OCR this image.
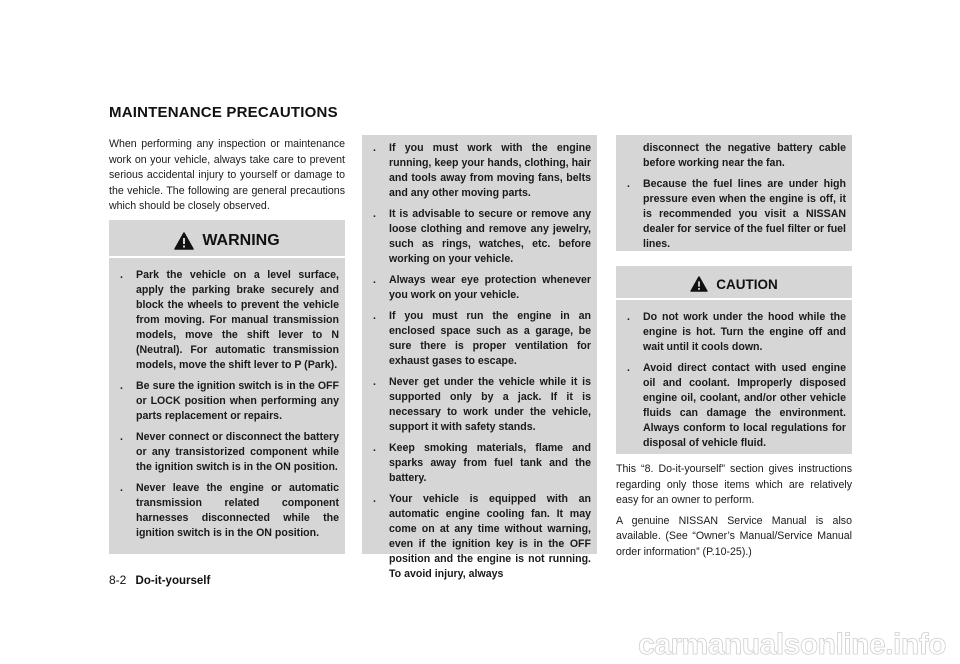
MAINTENANCE PRECAUTIONS

When performing any inspection or maintenance work on your vehicle, always take care to prevent serious accidental injury to yourself or damage to the vehicle. The following are general precautions which should be closely observed.

WARNING
. Park the vehicle on a level surface, apply the parking brake securely and block the wheels to prevent the vehicle from moving. For manual transmission models, move the shift lever to N (Neutral). For automatic transmission models, move the shift lever to P (Park).
. Be sure the ignition switch is in the OFF or LOCK position when performing any parts replacement or repairs.
. Never connect or disconnect the battery or any transistorized component while the ignition switch is in the ON position.
. Never leave the engine or automatic transmission related component harnesses disconnected while the ignition switch is in the ON position.
. If you must work with the engine running, keep your hands, clothing, hair and tools away from moving fans, belts and any other moving parts.
. It is advisable to secure or remove any loose clothing and remove any jewelry, such as rings, watches, etc. before working on your vehicle.
. Always wear eye protection whenever you work on your vehicle.
. If you must run the engine in an enclosed space such as a garage, be sure there is proper ventilation for exhaust gases to escape.
. Never get under the vehicle while it is supported only by a jack. If it is necessary to work under the vehicle, support it with safety stands.
. Keep smoking materials, flame and sparks away from fuel tank and the battery.
. Your vehicle is equipped with an automatic engine cooling fan. It may come on at any time without warning, even if the ignition key is in the OFF position and the engine is not running. To avoid injury, always
disconnect the negative battery cable before working near the fan.
. Because the fuel lines are under high pressure even when the engine is off, it is recommended you visit a NISSAN dealer for service of the fuel filter or fuel lines.
CAUTION
. Do not work under the hood while the engine is hot. Turn the engine off and wait until it cools down.
. Avoid direct contact with used engine oil and coolant. Improperly disposed engine oil, coolant, and/or other vehicle fluids can damage the environment. Always conform to local regulations for disposal of vehicle fluid.

This “8. Do-it-yourself” section gives instructions regarding only those items which are relatively easy for an owner to perform.

A genuine NISSAN Service Manual is also available. (See “Owner’s Manual/Service Manual order information” (P.10-25).)

8-2 Do-it-yourself
carmanualsonline.info
